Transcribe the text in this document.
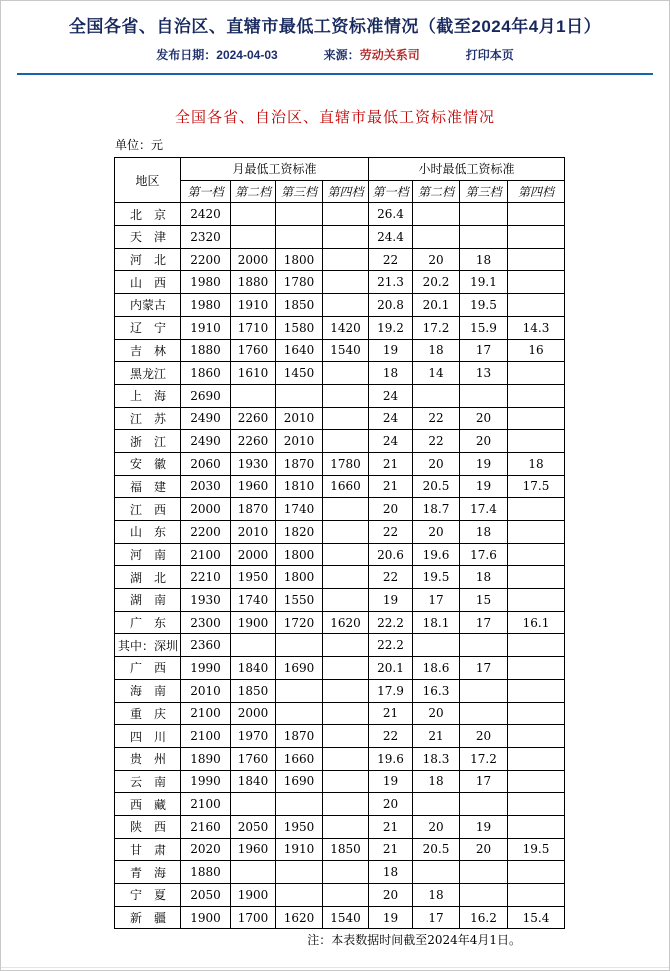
全国各省、自治区、直辖市最低工资标准情况（截至2024年4月1日）
发布日期：2024-04-03	来源：劳动关系司	打印本页
全国各省、自治区、直辖市最低工资标准情况
单位：元
地区	月最低工资标准				小时最低工资标准			
	第一档	第二档	第三档	第四档	第一档	第二档	第三档	第四档
北　京	2420				26.4			
天　津	2320				24.4			
河　北	2200	2000	1800		22	20	18	
山　西	1980	1880	1780		21.3	20.2	19.1	
内蒙古	1980	1910	1850		20.8	20.1	19.5	
辽　宁	1910	1710	1580	1420	19.2	17.2	15.9	14.3
吉　林	1880	1760	1640	1540	19	18	17	16
黑龙江	1860	1610	1450		18	14	13	
上　海	2690				24			
江　苏	2490	2260	2010		24	22	20	
浙　江	2490	2260	2010		24	22	20	
安　徽	2060	1930	1870	1780	21	20	19	18
福　建	2030	1960	1810	1660	21	20.5	19	17.5
江　西	2000	1870	1740		20	18.7	17.4	
山　东	2200	2010	1820		22	20	18	
河　南	2100	2000	1800		20.6	19.6	17.6	
湖　北	2210	1950	1800		22	19.5	18	
湖　南	1930	1740	1550		19	17	15	
广　东	2300	1900	1720	1620	22.2	18.1	17	16.1
其中：深圳	2360				22.2			
广　西	1990	1840	1690		20.1	18.6	17	
海　南	2010	1850			17.9	16.3		
重　庆	2100	2000			21	20		
四　川	2100	1970	1870		22	21	20	
贵　州	1890	1760	1660		19.6	18.3	17.2	
云　南	1990	1840	1690		19	18	17	
西　藏	2100				20			
陕　西	2160	2050	1950		21	20	19	
甘　肃	2020	1960	1910	1850	21	20.5	20	19.5
青　海	1880				18			
宁　夏	2050	1900			20	18		
新　疆	1900	1700	1620	1540	19	17	16.2	15.4
注：本表数据时间截至2024年4月1日。
